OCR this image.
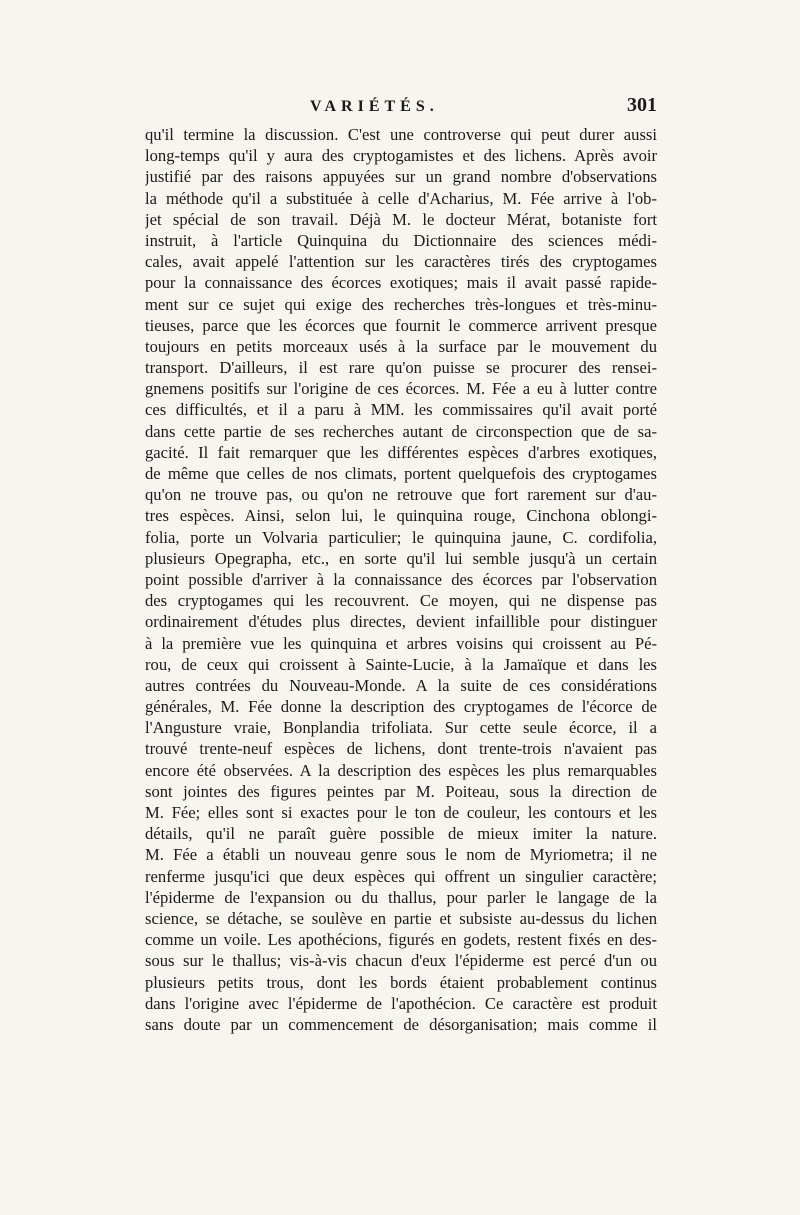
VARIÉTÉS.	301
qu'il termine la discussion. C'est une controverse qui peut durer aussi
long-temps qu'il y aura des cryptogamistes et des lichens. Après avoir
justifié par des raisons appuyées sur un grand nombre d'observations
la méthode qu'il a substituée à celle d'Acharius, M. Fée arrive à l'ob-
jet spécial de son travail. Déjà M. le docteur Mérat, botaniste fort
instruit, à l'article Quinquina du Dictionnaire des sciences médi-
cales, avait appelé l'attention sur les caractères tirés des cryptogames
pour la connaissance des écorces exotiques; mais il avait passé rapide-
ment sur ce sujet qui exige des recherches très-longues et très-minu-
tieuses, parce que les écorces que fournit le commerce arrivent presque
toujours en petits morceaux usés à la surface par le mouvement du
transport. D'ailleurs, il est rare qu'on puisse se procurer des rensei-
gnemens positifs sur l'origine de ces écorces. M. Fée a eu à lutter contre
ces difficultés, et il a paru à MM. les commissaires qu'il avait porté
dans cette partie de ses recherches autant de circonspection que de sa-
gacité. Il fait remarquer que les différentes espèces d'arbres exotiques,
de même que celles de nos climats, portent quelquefois des cryptogames
qu'on ne trouve pas, ou qu'on ne retrouve que fort rarement sur d'au-
tres espèces. Ainsi, selon lui, le quinquina rouge, Cinchona oblongi-
folia, porte un Volvaria particulier; le quinquina jaune, C. cordifolia,
plusieurs Opegrapha, etc., en sorte qu'il lui semble jusqu'à un certain
point possible d'arriver à la connaissance des écorces par l'observation
des cryptogames qui les recouvrent. Ce moyen, qui ne dispense pas
ordinairement d'études plus directes, devient infaillible pour distinguer
à la première vue les quinquina et arbres voisins qui croissent au Pé-
rou, de ceux qui croissent à Sainte-Lucie, à la Jamaïque et dans les
autres contrées du Nouveau-Monde. A la suite de ces considérations
générales, M. Fée donne la description des cryptogames de l'écorce de
l'Angusture vraie, Bonplandia trifoliata. Sur cette seule écorce, il a
trouvé trente-neuf espèces de lichens, dont trente-trois n'avaient pas
encore été observées. A la description des espèces les plus remarquables
sont jointes des figures peintes par M. Poiteau, sous la direction de
M. Fée; elles sont si exactes pour le ton de couleur, les contours et les
détails, qu'il ne paraît guère possible de mieux imiter la nature.
M. Fée a établi un nouveau genre sous le nom de Myriometra; il ne
renferme jusqu'ici que deux espèces qui offrent un singulier caractère;
l'épiderme de l'expansion ou du thallus, pour parler le langage de la
science, se détache, se soulève en partie et subsiste au-dessus du lichen
comme un voile. Les apothécions, figurés en godets, restent fixés en des-
sous sur le thallus; vis-à-vis chacun d'eux l'épiderme est percé d'un ou
plusieurs petits trous, dont les bords étaient probablement continus
dans l'origine avec l'épiderme de l'apothécion. Ce caractère est produit
sans doute par un commencement de désorganisation; mais comme il
